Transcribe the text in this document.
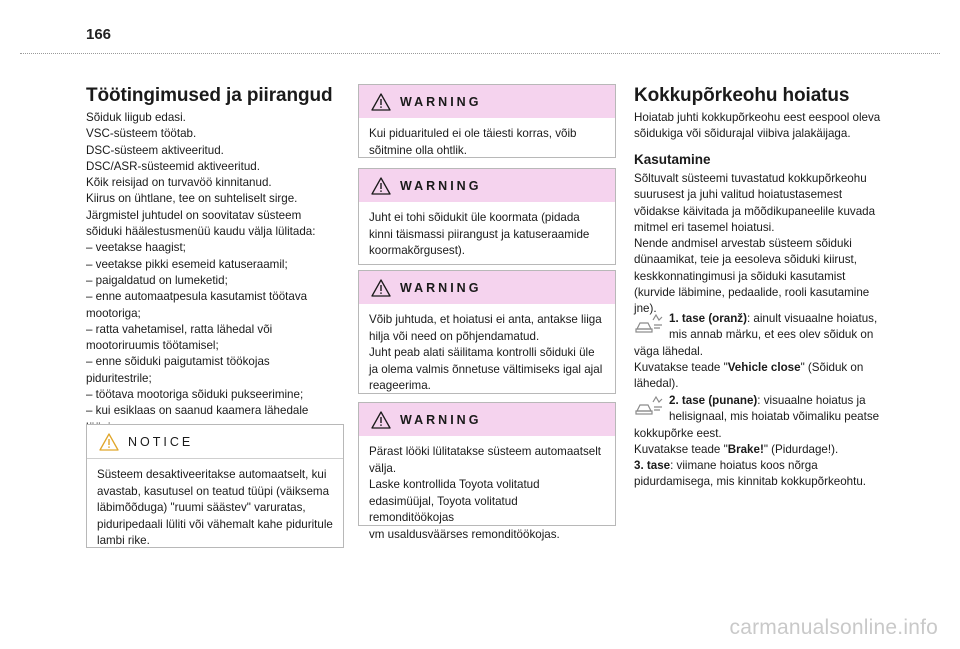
166
Töötingimused ja piirangud

Sõiduk liigub edasi.

VSC-süsteem töötab.

DSC-süsteem aktiveeritud.

DSC/ASR-süsteemid aktiveeritud.

Kõik reisijad on turvavöö kinnitanud.

Kiirus on ühtlane, tee on suhteliselt sirge.

Järgmistel juhtudel on soovitatav süsteem

sõiduki häälestusmenüü kaudu välja lülitada:

– veetakse haagist;

– veetakse pikki esemeid katuseraamil;

– paigaldatud on lumeketid;

– enne automaatpesula kasutamist töötava

mootoriga;

– ratta vahetamisel, ratta lähedal või

mootoriruumis töötamisel;

– enne sõiduki paigutamist töökojas

piduritestrile;

– töötava mootoriga sõiduki pukseerimine;

– kui esiklaas on saanud kaamera lähedale

NOTICE
Süsteem desaktiveeritakse automaatselt, kui
avastab, kasutusel on teatud tüüpi (väiksema
läbimõõduga) "ruumi säästev" varuratas,
piduripedaali lüliti või vähemalt kahe piduritule
lambi rike.
WARNING
Kui piduarituled ei ole täiesti korras, võib
sõitmine olla ohtlik.
WARNING
Juht ei tohi sõidukit üle koormata (pidada
kinni täismassi piirangust ja katuseraamide
koormakõrgusest).
WARNING
Võib juhtuda, et hoiatusi ei anta, antakse liiga
hilja või need on põhjendamatud.
Juht peab alati säilitama kontrolli sõiduki üle
ja olema valmis õnnetuse vältimiseks igal ajal
reageerima.
WARNING
Pärast lööki lülitatakse süsteem automaatselt
välja.
Laske kontrollida Toyota volitatud
edasimüüjal, Toyota volitatud remonditöökojas
vm usaldusväärses remonditöökojas.
Kokkupõrkeohu hoiatus
Hoiatab juhti kokkupõrkeohu eest eespool oleva
sõidukiga või sõidurajal viibiva jalakäijaga.
Kasutamine
Sõltuvalt süsteemi tuvastatud kokkupõrkeohu
suurusest ja juhi valitud hoiatustasemest
võidakse käivitada ja mõõdikupaneelile kuvada
mitmel eri tasemel hoiatusi.
Nende andmisel arvestab süsteem sõiduki
dünaamikat, teie ja eesoleva sõiduki kiirust,
keskkonnatingimusi ja sõiduki kasutamist
(kurvide läbimine, pedaalide, rooli kasutamine
jne).
1. tase (oranž): ainult visuaalne hoiatus,
mis annab märku, et ees olev sõiduk on
väga lähedal.
Kuvatakse teade "Vehicle close" (Sõiduk on
lähedal).
2. tase (punane): visuaalne hoiatus ja
helisignaal, mis hoiatab võimaliku peatse
kokkupõrke eest.
Kuvatakse teade "Brake!" (Pidurdage!).
3. tase: viimane hoiatus koos nõrga
pidurdamisega, mis kinnitab kokkupõrkeohtu.
carmanualsonline.info
